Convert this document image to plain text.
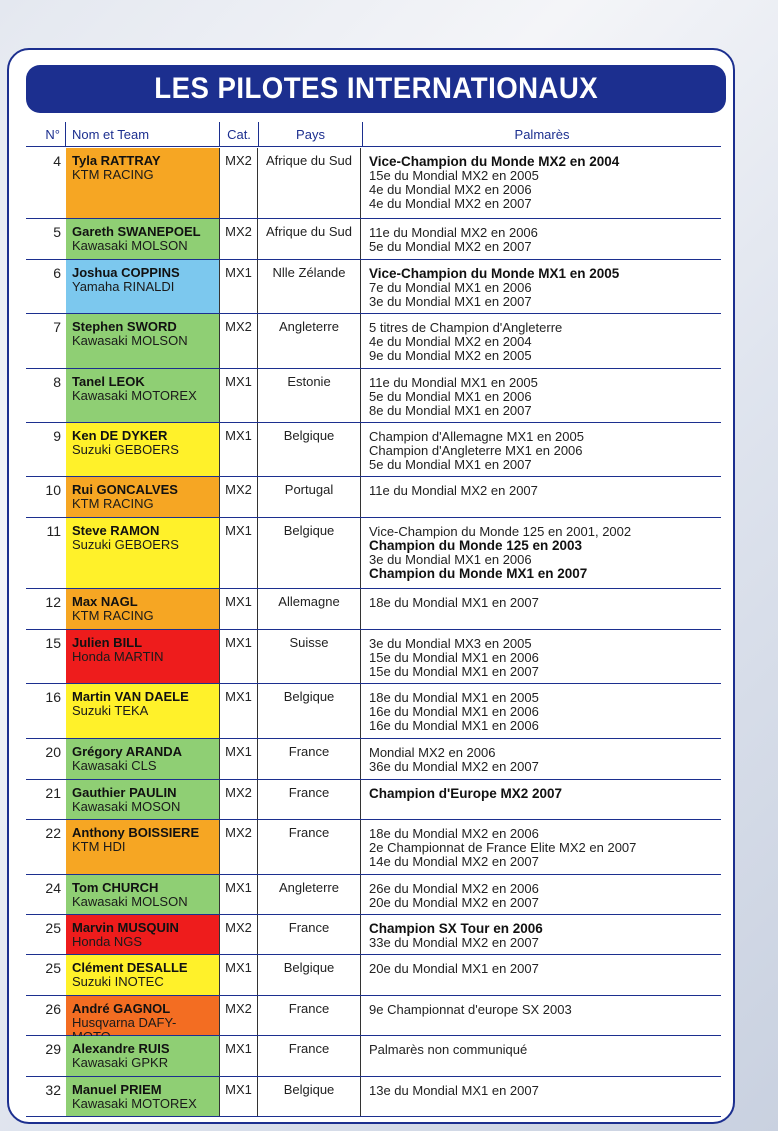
LES PILOTES INTERNATIONAUX
N° Nom et Team	Cat.	Pays	Palmarès
4 Tyla RATTRAY
KTM RACING
MX2	Afrique du Sud	Vice-Champion du Monde MX2 en 2004
15e du Mondial MX2 en 2005
4e du Mondial MX2 en 2006
4e du Mondial MX2 en 2007
5 Gareth SWANEPOEL
Kawasaki MOLSON
MX2	Afrique du Sud	11e du Mondial MX2 en 2006
5e du Mondial MX2 en 2007
6 Joshua COPPINS
Yamaha RINALDI
MX1	Nlle Zélande	Vice-Champion du Monde MX1 en 2005
7e du Mondial MX1 en 2006
3e du Mondial MX1 en 2007
7 Stephen SWORD
Kawasaki MOLSON
MX2	Angleterre	5 titres de Champion d'Angleterre
4e du Mondial MX2 en 2004
9e du Mondial MX2 en 2005
8 Tanel LEOK
Kawasaki MOTOREX
MX1	Estonie	11e du Mondial MX1 en 2005
5e du Mondial MX1 en 2006
8e du Mondial MX1 en 2007
9 Ken DE DYKER
Suzuki GEBOERS
MX1	Belgique	Champion d'Allemagne MX1 en 2005
Champion d'Angleterre MX1 en 2006
5e du Mondial MX1 en 2007
10 Rui GONCALVES
KTM RACING
MX2	Portugal	11e du Mondial MX2 en 2007
11 Steve RAMON
Suzuki GEBOERS
MX1	Belgique	Vice-Champion du Monde 125 en 2001, 2002
Champion du Monde 125 en 2003
3e du Mondial MX1 en 2006
Champion du Monde MX1 en 2007
12 Max NAGL
KTM RACING
MX1	Allemagne	18e du Mondial MX1 en 2007
15 Julien BILL
Honda MARTIN
MX1	Suisse	3e du Mondial MX3 en 2005
15e du Mondial MX1 en 2006
15e du Mondial MX1 en 2007
16 Martin VAN DAELE
Suzuki TEKA
MX1	Belgique	18e du Mondial MX1 en 2005
16e du Mondial MX1 en 2006
16e du Mondial MX1 en 2006
20 Grégory ARANDA
Kawasaki CLS
MX1	France	Mondial MX2 en 2006
36e du Mondial MX2 en 2007
21 Gauthier PAULIN
Kawasaki MOSON
MX2	France	Champion d'Europe MX2 2007
22 Anthony BOISSIERE
KTM HDI
MX2	France	18e du Mondial MX2 en 2006
2e Championnat de France Elite MX2 en 2007
14e du Mondial MX2 en 2007
24 Tom CHURCH
Kawasaki MOLSON
MX1	Angleterre	26e du Mondial MX2 en 2006
20e du Mondial MX2 en 2007
25 Marvin MUSQUIN
Honda NGS
MX2	France	Champion SX Tour en 2006
33e du Mondial MX2 en 2007
25 Clément DESALLE
Suzuki INOTEC
MX1	Belgique	20e du Mondial MX1 en 2007
26 André GAGNOL
Husqvarna DAFY-
MX2	France	9e Championnat d'europe SX 2003
29 Alexandre RUIS
Kawasaki GPKR
MX1	France	Palmarès non communiqué
32 Manuel PRIEM
Kawasaki MOTOREX
MX1	Belgique	13e du Mondial MX1 en 2007
